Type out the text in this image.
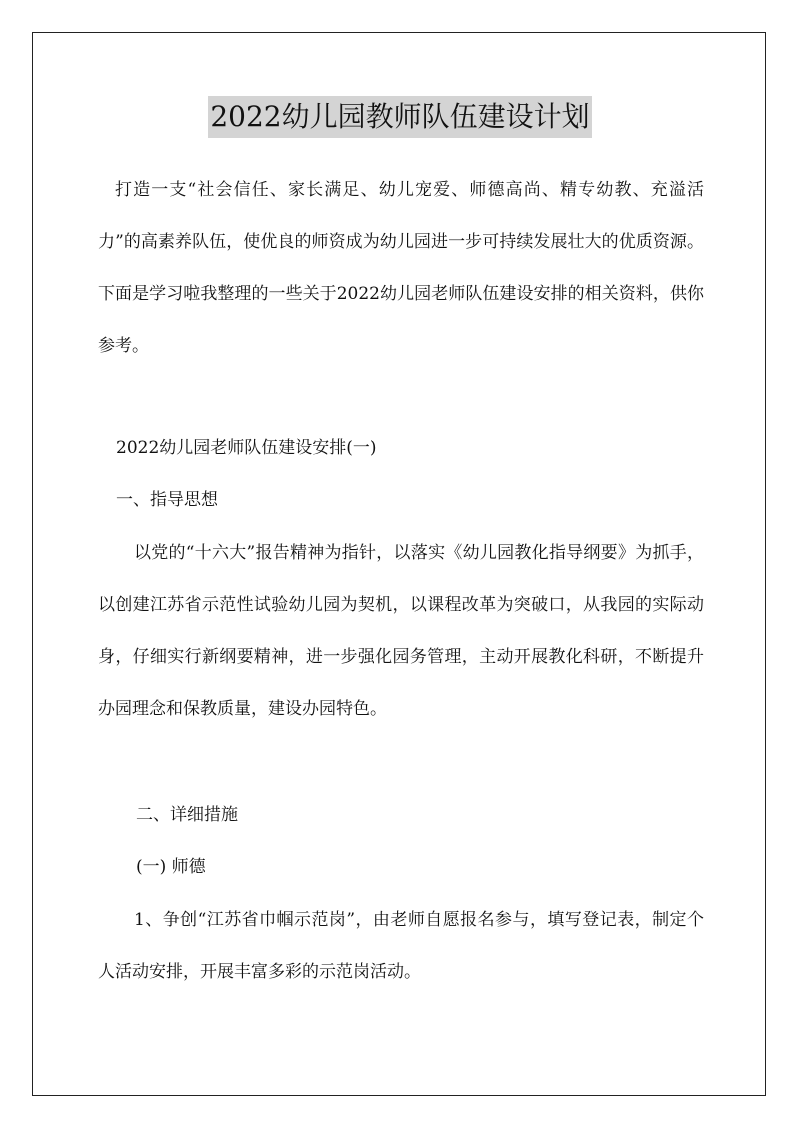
2022幼儿园教师队伍建设计划

打造一支“社会信任、家长满足、幼儿宠爱、师德高尚、精专幼教、充溢活力”的高素养队伍，使优良的师资成为幼儿园进一步可持续发展壮大的优质资源。下面是学习啦我整理的一些关于2022幼儿园老师队伍建设安排的相关资料，供你参考。

2022幼儿园老师队伍建设安排(一)

一、指导思想

以党的“十六大”报告精神为指针，以落实《幼儿园教化指导纲要》为抓手，以创建江苏省示范性试验幼儿园为契机，以课程改革为突破口，从我园的实际动身，仔细实行新纲要精神，进一步强化园务管理，主动开展教化科研，不断提升办园理念和保教质量，建设办园特色。

二、详细措施

(一) 师德

1、争创“江苏省巾帼示范岗”，由老师自愿报名参与，填写登记表，制定个人活动安排，开展丰富多彩的示范岗活动。
